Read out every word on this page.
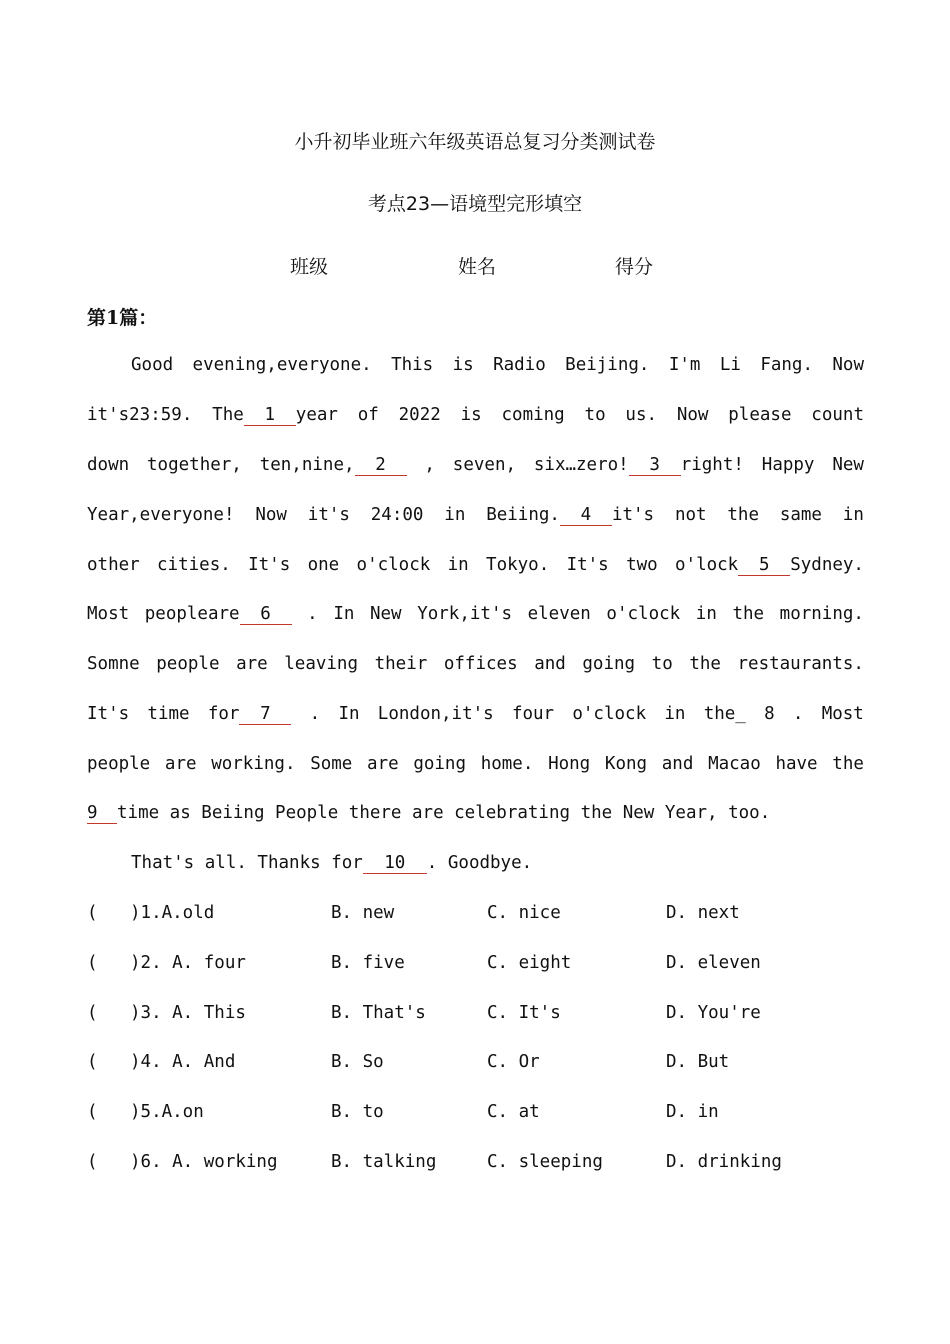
小升初毕业班六年级英语总复习分类测试卷
考点23—语境型完形填空
班级	姓名	得分
第1篇：
Good evening,everyone. This is Radio Beijing. I'm Li Fang. Now
it's23:59. The 1 year of 2022 is coming to us. Now please count
down together, ten,nine, 2	, seven, six…zero! 3 right! Happy New
Year,everyone! Now it's 24:00 in Beiing. 4 it's not the same in
other cities. It's one o'clock in Tokyo. It's two o'lock 5 Sydney.
Most peopleare 6	. In New York,it's eleven o'clock in the morning.
Somne people are leaving their offices and going to the restaurants.
It's time for 7	. In London,it's four o'clock in the_ 8 . Most
people are working. Some are going home. Hong Kong and Macao have the
9 time as Beiing People there are celebrating the New Year, too.
That's all. Thanks for 10 . Goodbye.
( )1.A.old	B. new	C. nice	D. next
( )2. A. four	B. five	C. eight	D. eleven
( )3. A. This	B. That's	C. It's	D. You're
( )4. A. And	B. So	C. Or	D. But
( )5.A.on	B. to	C. at	D. in
( )6. A. working	B. talking	C. sleeping	D. drinking
